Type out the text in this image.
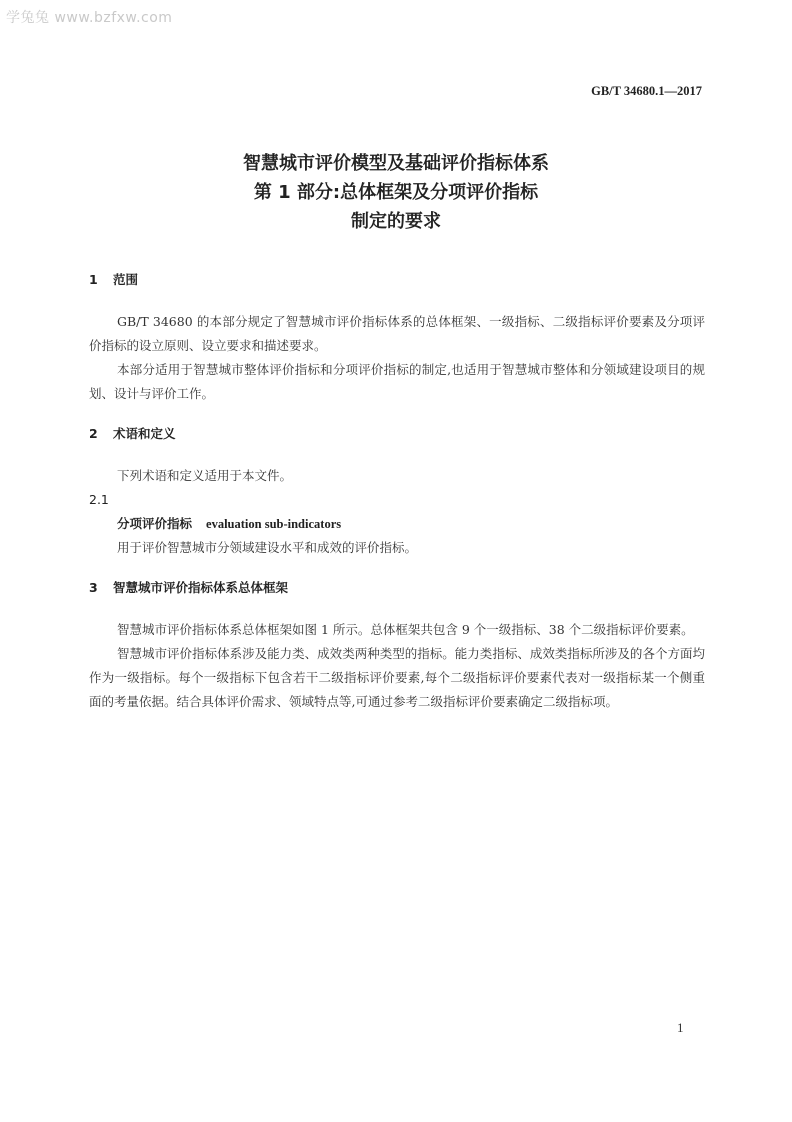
学兔兔 www.bzfxw.com
GB/T 34680.1—2017
智慧城市评价模型及基础评价指标体系
第 1 部分:总体框架及分项评价指标
制定的要求
1 范围

GB/T 34680 的本部分规定了智慧城市评价指标体系的总体框架、一级指标、二级指标评价要素及分项评价指标的设立原则、设立要求和描述要求。

本部分适用于智慧城市整体评价指标和分项评价指标的制定,也适用于智慧城市整体和分领域建设项目的规划、设计与评价工作。

2 术语和定义

下列术语和定义适用于本文件。

2.1
分项评价指标 evaluation sub-indicators

用于评价智慧城市分领域建设水平和成效的评价指标。

3 智慧城市评价指标体系总体框架

智慧城市评价指标体系总体框架如图 1 所示。总体框架共包含 9 个一级指标、38 个二级指标评价要素。

智慧城市评价指标体系涉及能力类、成效类两种类型的指标。能力类指标、成效类指标所涉及的各个方面均作为一级指标。每个一级指标下包含若干二级指标评价要素,每个二级指标评价要素代表对一级指标某一个侧重面的考量依据。结合具体评价需求、领域特点等,可通过参考二级指标评价要素确定二级指标项。

1
